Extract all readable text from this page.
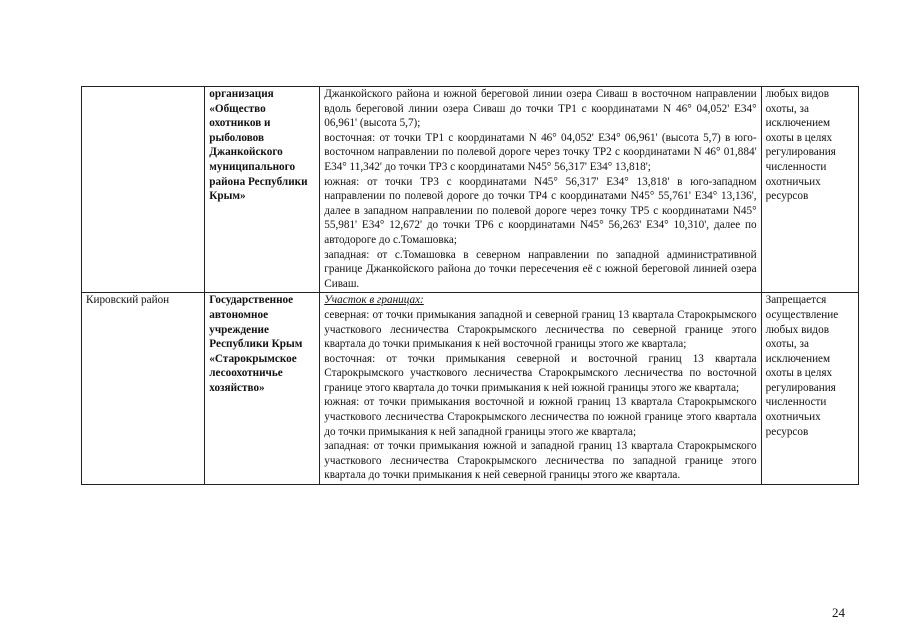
	организация «Общество охотников и рыболовов Джанкойского муниципального района Республики Крым»	Джанкойского района и южной береговой линии озера Сиваш в восточном направлении вдоль береговой линии озера Сиваш до точки ТР1 с координатами N 46° 04,052' E34° 06,961' (высота 5,7);
восточная: от точки ТР1 с координатами N 46° 04,052' E34° 06,961' (высота 5,7) в юго-восточном направлении по полевой дороге через точку ТР2 с координатами N 46° 01,884' E34° 11,342' до точки ТР3 с координатами N45° 56,317' E34° 13,818';
южная: от точки ТР3 с координатами N45° 56,317' E34° 13,818' в юго-западном направлении по полевой дороге до точки ТР4 с координатами N45° 55,761' E34° 13,136', далее в западном направлении по полевой дороге через точку ТР5 с координатами N45° 55,981' E34° 12,672' до точки ТР6 с координатами N45° 56,263' E34° 10,310', далее по автодороге до с.Томашовка;
западная: от с.Томашовка в северном направлении по западной административной границе Джанкойского района до точки пересечения её с южной береговой линией озера Сиваш.	любых видов охоты, за исключением охоты в целях регулирования численности охотничьих ресурсов
Кировский район	Государственное автономное учреждение Республики Крым «Старокрымское лесоохотничье хозяйство»	Участок в границах:
северная: от точки примыкания западной и северной границ 13 квартала Старокрымского участкового лесничества Старокрымского лесничества по северной границе этого квартала до точки примыкания к ней восточной границы этого же квартала;
восточная: от точки примыкания северной и восточной границ 13 квартала Старокрымского участкового лесничества Старокрымского лесничества по восточной границе этого квартала до точки примыкания к ней южной границы этого же квартала;
южная: от точки примыкания восточной и южной границ 13 квартала Старокрымского участкового лесничества Старокрымского лесничества по южной границе этого квартала до точки примыкания к ней западной границы этого же квартала;
западная: от точки примыкания южной и западной границ 13 квартала Старокрымского участкового лесничества Старокрымского лесничества по западной границе этого квартала до точки примыкания к ней северной границы этого же квартала.	Запрещается осуществление любых видов охоты, за исключением охоты в целях регулирования численности охотничьих ресурсов
24
